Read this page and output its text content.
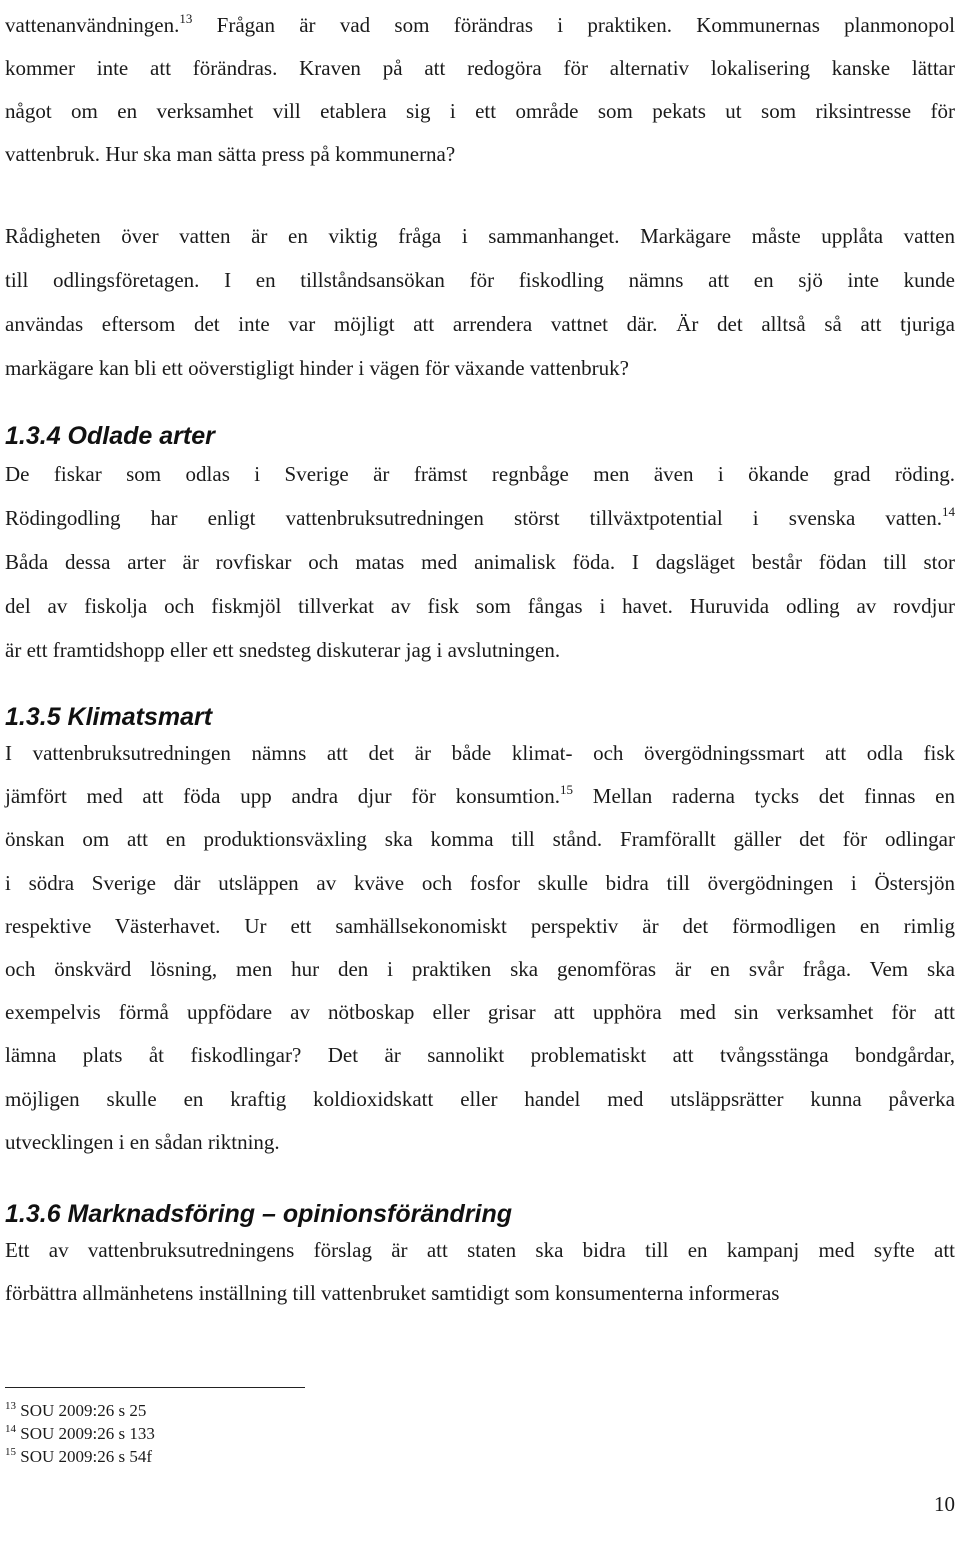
vattenanvändningen.$^{13}$ Frågan är vad som förändras i praktiken. Kommunernas planmonopol
kommer inte att förändras. Kraven på att redogöra för alternativ lokalisering kanske lättar
något om en verksamhet vill etablera sig i ett område som pekats ut som riksintresse för
vattenbruk. Hur ska man sätta press på kommunerna?
Rådigheten över vatten är en viktig fråga i sammanhanget. Markägare måste upplåta vatten
till odlingsföretagen. I en tillståndsansökan för fiskodling nämns att en sjö inte kunde
användas eftersom det inte var möjligt att arrendera vattnet där. Är det alltså så att tjuriga
markägare kan bli ett oöverstigligt hinder i vägen för växande vattenbruk?
1.3.4 Odlade arter
De fiskar som odlas i Sverige är främst regnbåge men även i ökande grad röding.
Rödingodling har enligt vattenbruksutredningen störst tillväxtpotential i svenska vatten.$^{14}$
Båda dessa arter är rovfiskar och matas med animalisk föda. I dagsläget består födan till stor
del av fiskolja och fiskmjöl tillverkat av fisk som fångas i havet. Huruvida odling av rovdjur
är ett framtidshopp eller ett snedsteg diskuterar jag i avslutningen.
1.3.5 Klimatsmart
I vattenbruksutredningen nämns att det är både klimat- och övergödningssmart att odla fisk
jämfört med att föda upp andra djur för konsumtion.$^{15}$ Mellan raderna tycks det finnas en
önskan om att en produktionsväxling ska komma till stånd. Framförallt gäller det för odlingar
i södra Sverige där utsläppen av kväve och fosfor skulle bidra till övergödningen i Östersjön
respektive Västerhavet. Ur ett samhällsekonomiskt perspektiv är det förmodligen en rimlig
och önskvärd lösning, men hur den i praktiken ska genomföras är en svår fråga. Vem ska
exempelvis förmå uppfödare av nötboskap eller grisar att upphöra med sin verksamhet för att
lämna plats åt fiskodlingar? Det är sannolikt problematiskt att tvångsstänga bondgårdar,
möjligen skulle en kraftig koldioxidskatt eller handel med utsläppsrätter kunna påverka
utvecklingen i en sådan riktning.
1.3.6 Marknadsföring – opinionsförändring
Ett av vattenbruksutredningens förslag är att staten ska bidra till en kampanj med syfte att
förbättra allmänhetens inställning till vattenbruket samtidigt som konsumenterna informeras
$^{13}$ SOU 2009:26 s 25
$^{14}$ SOU 2009:26 s 133
$^{15}$ SOU 2009:26 s 54f
10
